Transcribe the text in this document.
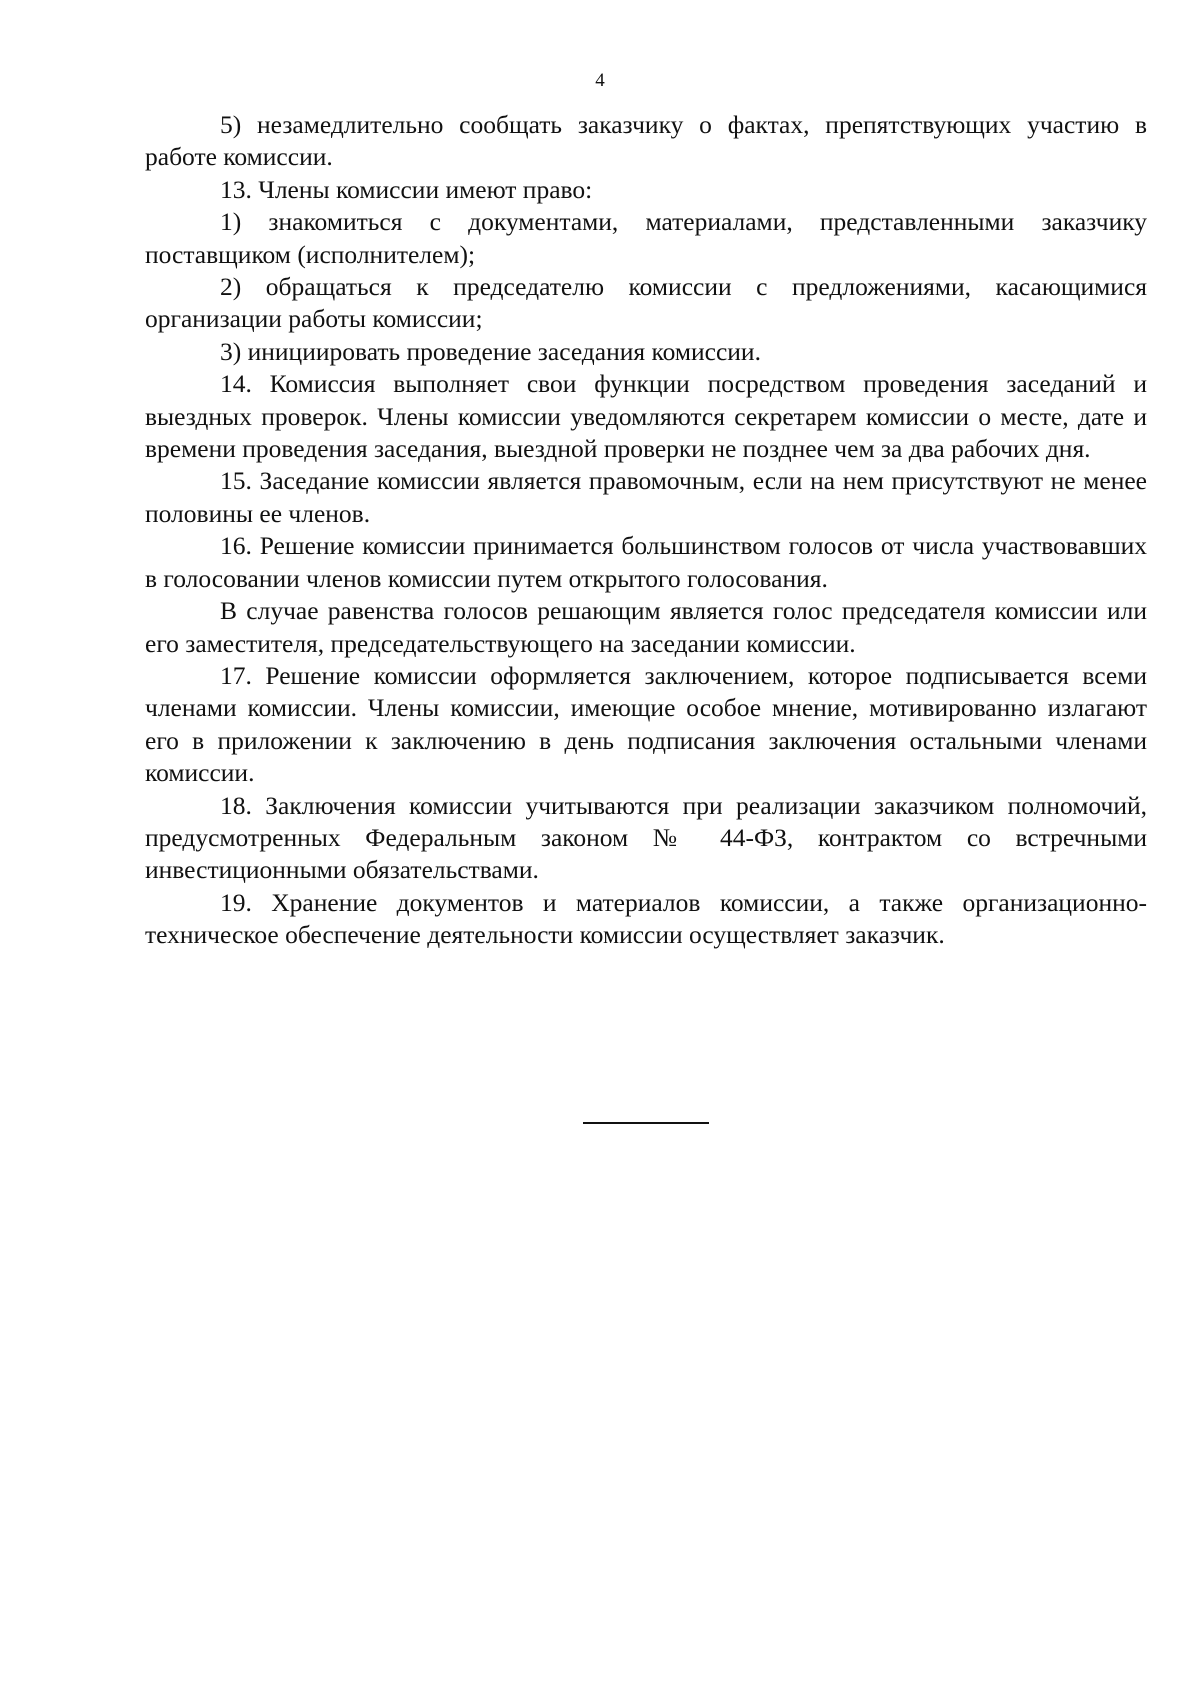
4

5) незамедлительно сообщать заказчику о фактах, препятствующих участию в работе комиссии.

13. Члены комиссии имеют право:

1) знакомиться с документами, материалами, представленными заказчику поставщиком (исполнителем);

2) обращаться к председателю комиссии с предложениями, касающимися организации работы комиссии;

3) инициировать проведение заседания комиссии.

14. Комиссия выполняет свои функции посредством проведения заседаний и выездных проверок. Члены комиссии уведомляются секретарем комиссии о месте, дате и времени проведения заседания, выездной проверки не позднее чем за два рабочих дня.

15. Заседание комиссии является правомочным, если на нем присутствуют не менее половины ее членов.

16. Решение комиссии принимается большинством голосов от числа участвовавших в голосовании членов комиссии путем открытого голосования.

В случае равенства голосов решающим является голос председателя комиссии или его заместителя, председательствующего на заседании комиссии.

17. Решение комиссии оформляется заключением, которое подписывается всеми членами комиссии. Члены комиссии, имеющие особое мнение, мотивированно излагают его в приложении к заключению в день подписания заключения остальными членами комиссии.

18. Заключения комиссии учитываются при реализации заказчиком полномочий, предусмотренных Федеральным законом № 44-ФЗ, контрактом со встречными инвестиционными обязательствами.

19. Хранение документов и материалов комиссии, а также организационно-техническое обеспечение деятельности комиссии осуществляет заказчик.
